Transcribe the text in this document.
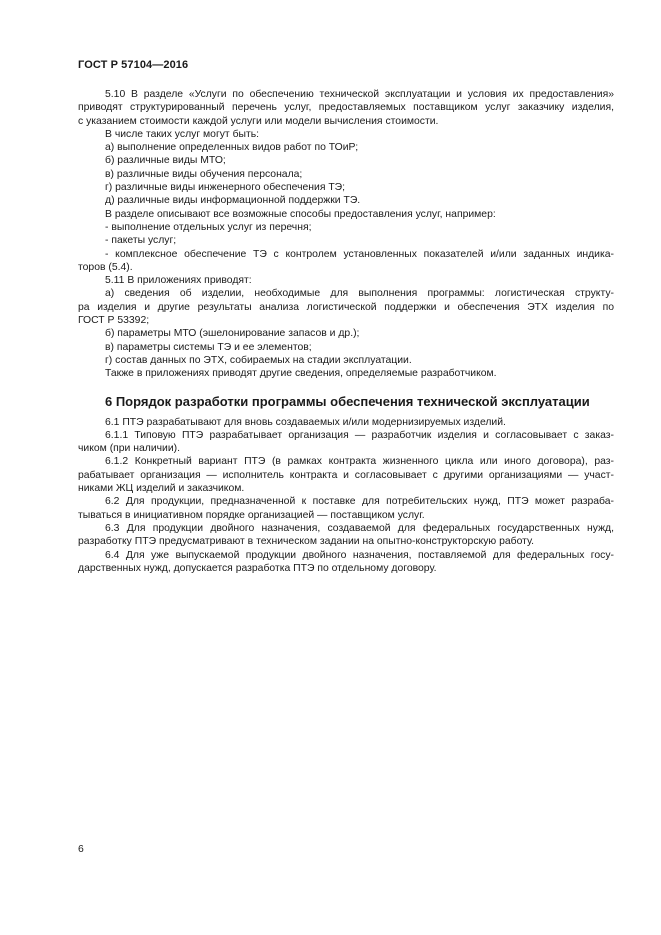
ГОСТ Р 57104—2016
5.10 В разделе «Услуги по обеспечению технической эксплуатации и условия их предоставления»
приводят структурированный перечень услуг, предоставляемых поставщиком услуг заказчику изделия,
с указанием стоимости каждой услуги или модели вычисления стоимости.
В числе таких услуг могут быть:
а) выполнение определенных видов работ по ТОиР;
б) различные виды МТО;
в) различные виды обучения персонала;
г) различные виды инженерного обеспечения ТЭ;
д) различные виды информационной поддержки ТЭ.
В разделе описывают все возможные способы предоставления услуг, например:
- выполнение отдельных услуг из перечня;
- пакеты услуг;
- комплексное обеспечение ТЭ с контролем установленных показателей и/или заданных индика-
торов (5.4).
5.11 В приложениях приводят:
а) сведения об изделии, необходимые для выполнения программы: логистическая структу-
ра изделия и другие результаты анализа логистической поддержки и обеспечения ЭТХ изделия по
ГОСТ Р 53392;
б) параметры МТО (эшелонирование запасов и др.);
в) параметры системы ТЭ и ее элементов;
г) состав данных по ЭТХ, собираемых на стадии эксплуатации.
Также в приложениях приводят другие сведения, определяемые разработчиком.
6 Порядок разработки программы обеспечения технической эксплуатации
6.1 ПТЭ разрабатывают для вновь создаваемых и/или модернизируемых изделий.
6.1.1 Типовую ПТЭ разрабатывает организация — разработчик изделия и согласовывает с заказ-
чиком (при наличии).
6.1.2 Конкретный вариант ПТЭ (в рамках контракта жизненного цикла или иного договора), раз-
рабатывает организация — исполнитель контракта и согласовывает с другими организациями — участ-
никами ЖЦ изделий и заказчиком.
6.2 Для продукции, предназначенной к поставке для потребительских нужд, ПТЭ может разраба-
тываться в инициативном порядке организацией — поставщиком услуг.
6.3 Для продукции двойного назначения, создаваемой для федеральных государственных нужд,
разработку ПТЭ предусматривают в техническом задании на опытно-конструкторскую работу.
6.4 Для уже выпускаемой продукции двойного назначения, поставляемой для федеральных госу-
дарственных нужд, допускается разработка ПТЭ по отдельному договору.
6
